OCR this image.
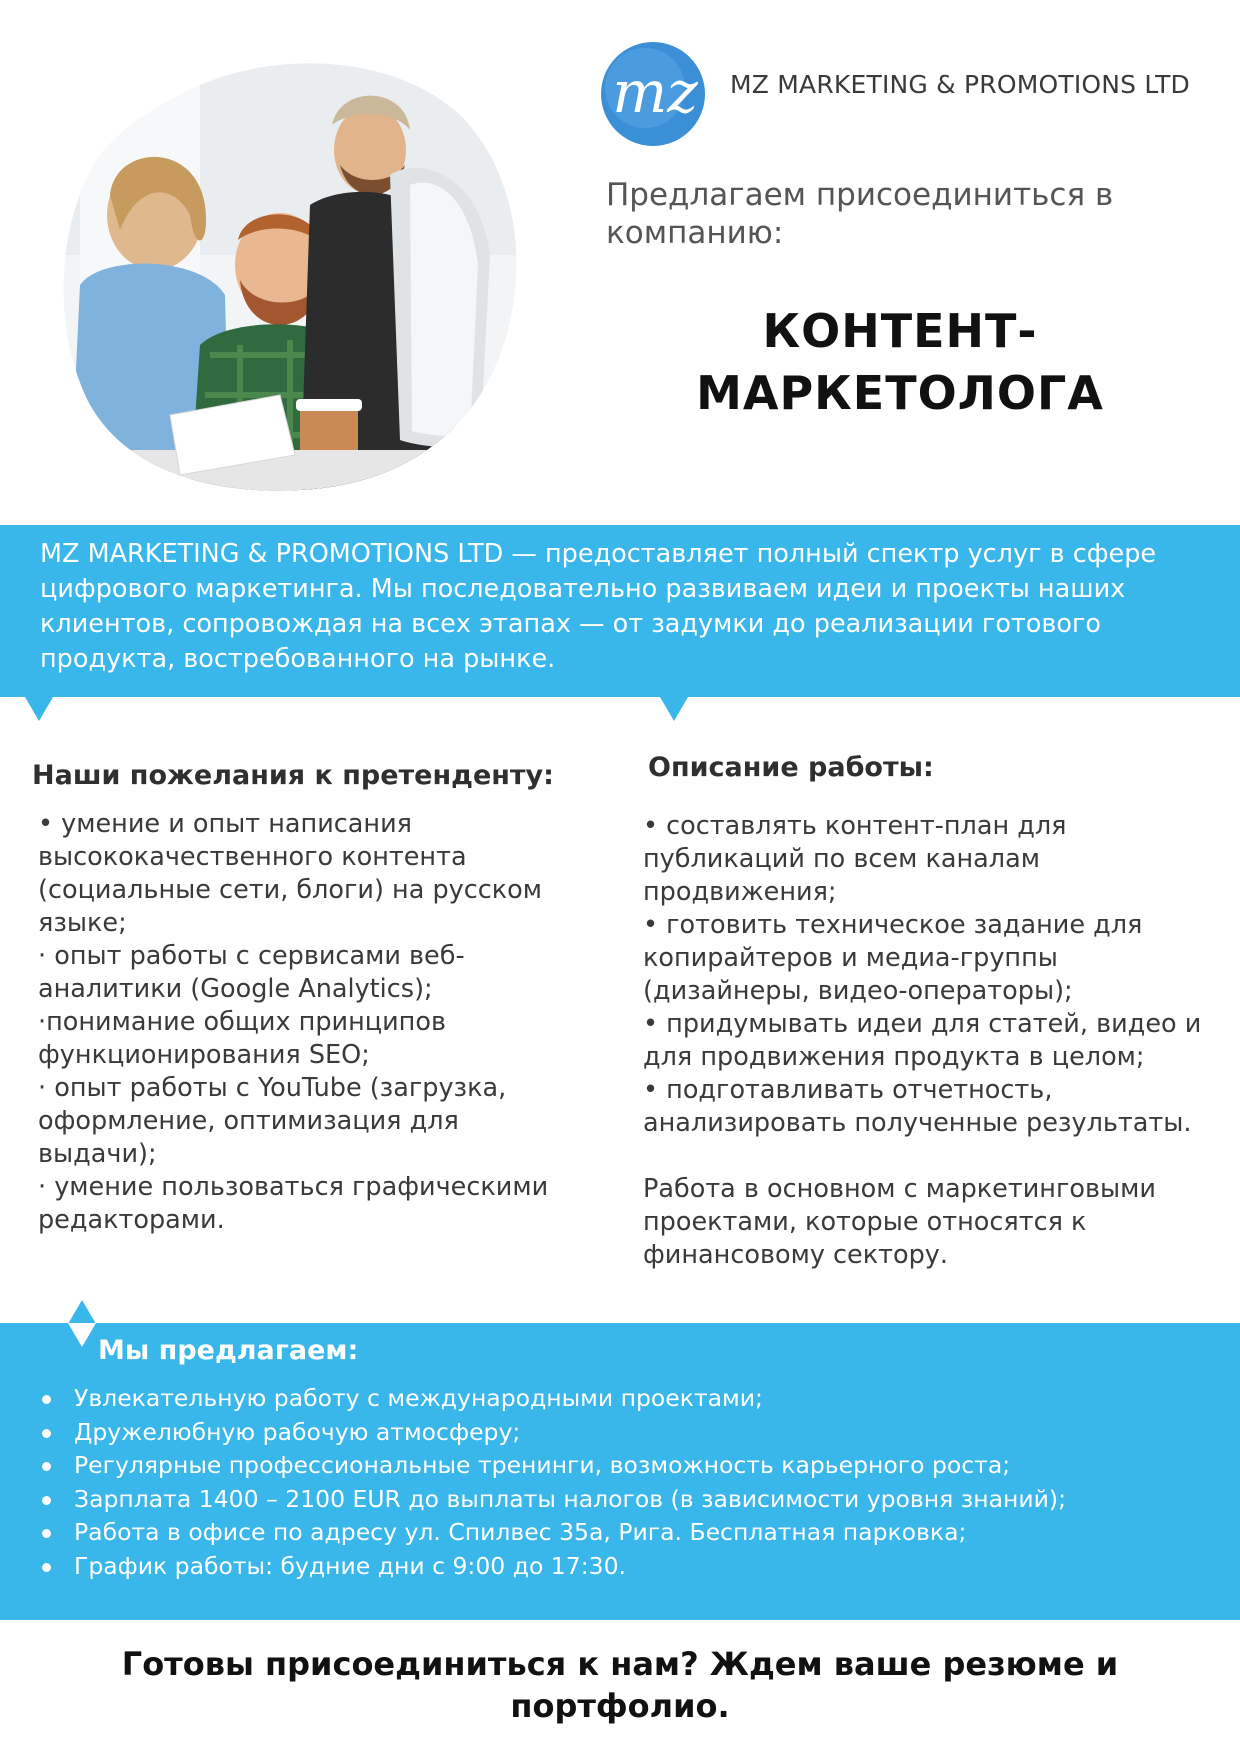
mz MZ MARKETING & PROMOTIONS LTD
Предлагаем присоединиться в компанию:
КОНТЕНТ-
МАРКЕТОЛОГА
MZ MARKETING & PROMOTIONS LTD — предоставляет полный спектр услуг в сфере цифрового маркетинга. Мы последовательно развиваем идеи и проекты наших клиентов, сопровождая на всех этапах — от задумки до реализации готового продукта, востребованного на рынке.
Наши пожелания к претенденту:
• умение и опыт написания высококачественного контента (социальные сети, блоги) на русском языке;
· опыт работы с сервисами веб-аналитики (Google Analytics);
·понимание общих принципов функционирования SEO;
· опыт работы с YouTube (загрузка, оформление, оптимизация для выдачи);
· умение пользоваться графическими редакторами.
Описание работы:
• составлять контент-план для публикаций по всем каналам продвижения;
• готовить техническое задание для копирайтеров и медиа-группы (дизайнеры, видео-операторы);
• придумывать идеи для статей, видео и для продвижения продукта в целом;
• подготавливать отчетность, анализировать полученные результаты.
Работа в основном с маркетинговыми проектами, которые относятся к финансовому сектору.
Мы предлагаем:
Увлекательную работу с международными проектами;
Дружелюбную рабочую атмосферу;
Регулярные профессиональные тренинги, возможность карьерного роста;
Зарплата 1400 – 2100 EUR до выплаты налогов (в зависимости уровня знаний);
Работа в офисе по адресу ул. Спилвес 35а, Рига. Бесплатная парковка;
График работы: будние дни с 9:00 до 17:30.
Готовы присоединиться к нам? Ждем ваше резюме и
портфолио.
